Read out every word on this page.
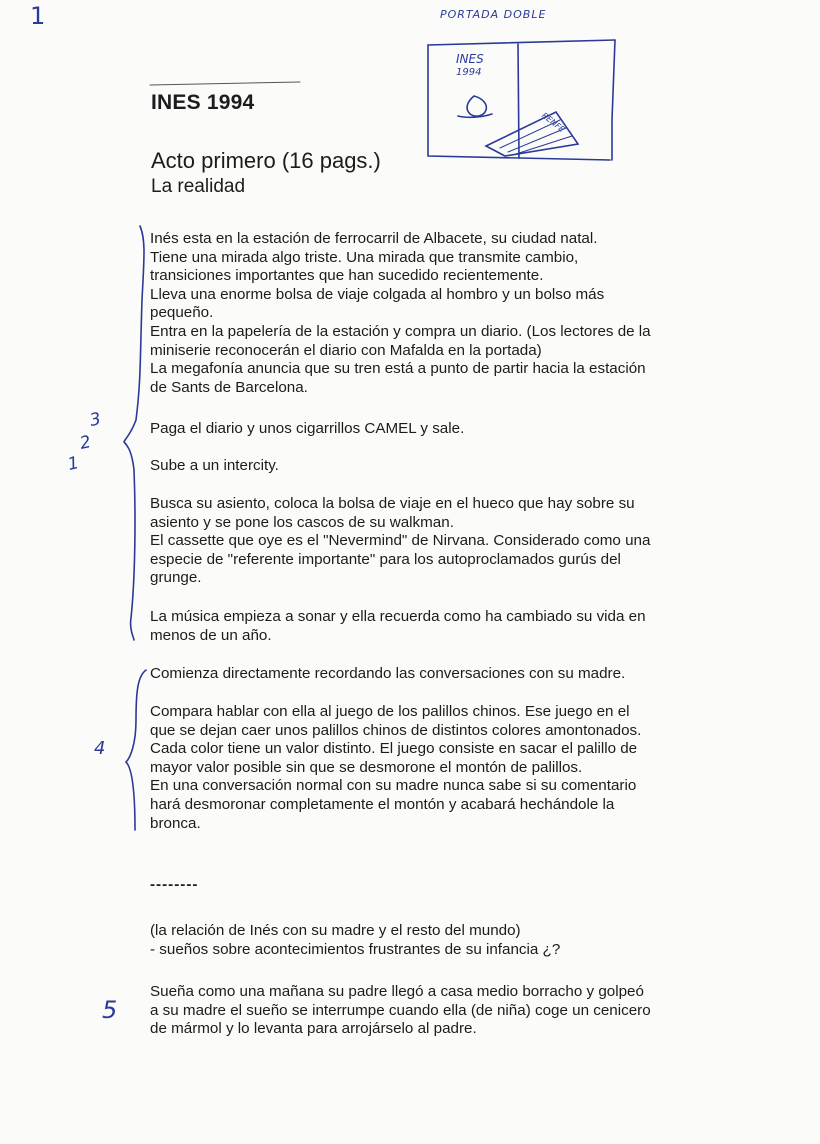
1	PORTADA DOBLE
INES
1994
RENFE
3
2
1
4
5
INES 1994
Acto primero (16 pags.)
La realidad
Inés esta en la estación de ferrocarril de Albacete, su ciudad natal.
Tiene una mirada algo triste. Una mirada que transmite cambio,
transiciones importantes que han sucedido recientemente.
Lleva una enorme bolsa de viaje colgada al hombro y un bolso más
pequeño.
Entra en la papelería de la estación y compra un diario. (Los lectores de la
miniserie reconocerán el diario con Mafalda en la portada)
La megafonía anuncia que su tren está a punto de partir hacia la estación
de Sants de Barcelona.
Paga el diario y unos cigarrillos CAMEL y sale.
Sube a un intercity.
Busca su asiento, coloca la bolsa de viaje en el hueco que hay sobre su
asiento y se pone los cascos de su walkman.
El cassette que oye es el "Nevermind" de Nirvana. Considerado como una
especie de "referente importante" para los autoproclamados gurús del
grunge.
La música empieza a sonar y ella recuerda como ha cambiado su vida en
menos de un año.
Comienza directamente recordando las conversaciones con su madre.
Compara hablar con ella al juego de los palillos chinos. Ese juego en el
que se dejan caer unos palillos chinos de distintos colores amontonados.
Cada color tiene un valor distinto. El juego consiste en sacar el palillo de
mayor valor posible sin que se desmorone el montón de palillos.
En una conversación normal con su madre nunca sabe si su comentario
hará desmoronar completamente el montón y acabará hechándole la
bronca.
--------
(la relación de Inés con su madre y el resto del mundo)
- sueños sobre acontecimientos frustrantes de su infancia ¿?
Sueña como una mañana su padre llegó a casa medio borracho y golpeó
a su madre el sueño se interrumpe cuando ella (de niña) coge un cenicero
de mármol y lo levanta para arrojárselo al padre.
